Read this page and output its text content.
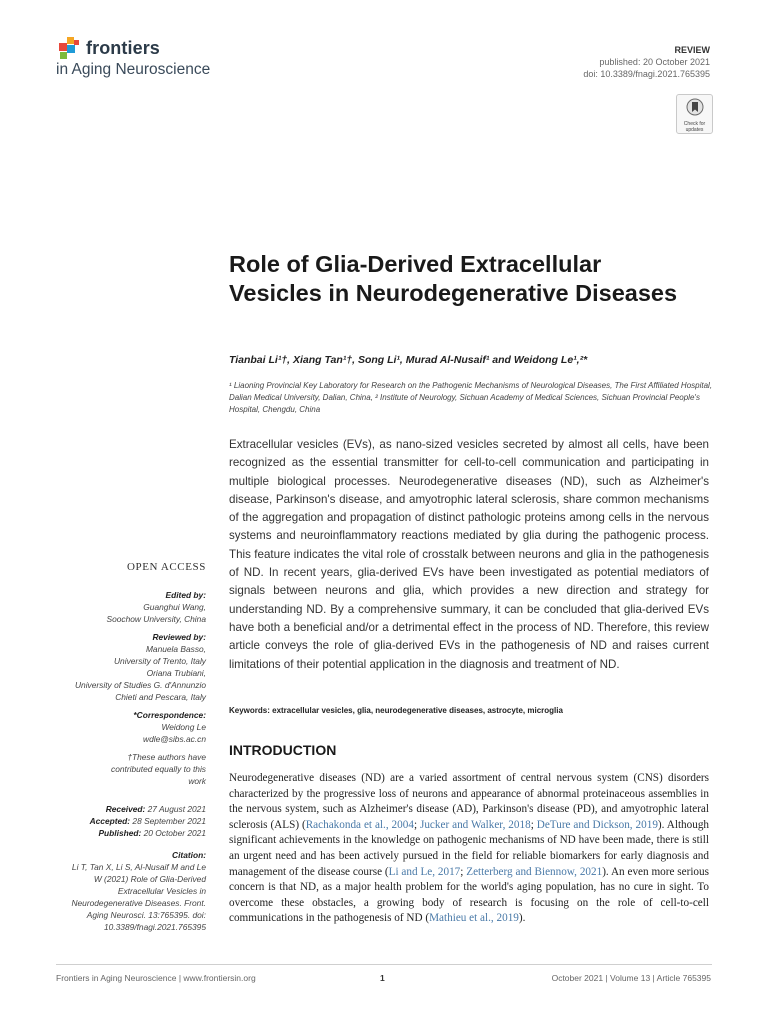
frontiers
in Aging Neuroscience
REVIEW
published: 20 October 2021
doi: 10.3389/fnagi.2021.765395
Check for updates
Role of Glia-Derived Extracellular Vesicles in Neurodegenerative Diseases
Tianbai Li¹†, Xiang Tan¹†, Song Li¹, Murad Al-Nusaif¹ and Weidong Le¹,²*
¹ Liaoning Provincial Key Laboratory for Research on the Pathogenic Mechanisms of Neurological Diseases, The First Affiliated Hospital, Dalian Medical University, Dalian, China, ² Institute of Neurology, Sichuan Academy of Medical Sciences, Sichuan Provincial People's Hospital, Chengdu, China
Extracellular vesicles (EVs), as nano-sized vesicles secreted by almost all cells, have been recognized as the essential transmitter for cell-to-cell communication and participating in multiple biological processes. Neurodegenerative diseases (ND), such as Alzheimer's disease, Parkinson's disease, and amyotrophic lateral sclerosis, share common mechanisms of the aggregation and propagation of distinct pathologic proteins among cells in the nervous systems and neuroinflammatory reactions mediated by glia during the pathogenic process. This feature indicates the vital role of crosstalk between neurons and glia in the pathogenesis of ND. In recent years, glia-derived EVs have been investigated as potential mediators of signals between neurons and glia, which provides a new direction and strategy for understanding ND. By a comprehensive summary, it can be concluded that glia-derived EVs have both a beneficial and/or a detrimental effect in the process of ND. Therefore, this review article conveys the role of glia-derived EVs in the pathogenesis of ND and raises current limitations of their potential application in the diagnosis and treatment of ND.
Keywords: extracellular vesicles, glia, neurodegenerative diseases, astrocyte, microglia
OPEN ACCESS
Edited by:
Guanghui Wang,
Soochow University, China
Reviewed by:
Manuela Basso,
University of Trento, Italy
Oriana Trubiani,
University of Studies G. d'Annunzio
Chieti and Pescara, Italy
*Correspondence:
Weidong Le
wdle@sibs.ac.cn
†These authors have contributed equally to this work
Received: 27 August 2021
Accepted: 28 September 2021
Published: 20 October 2021
Citation:
Li T, Tan X, Li S, Al-Nusaif M and Le W (2021) Role of Glia-Derived Extracellular Vesicles in Neurodegenerative Diseases. Front. Aging Neurosci. 13:765395. doi: 10.3389/fnagi.2021.765395
INTRODUCTION
Neurodegenerative diseases (ND) are a varied assortment of central nervous system (CNS) disorders characterized by the progressive loss of neurons and appearance of abnormal proteinaceous assemblies in the nervous system, such as Alzheimer's disease (AD), Parkinson's disease (PD), and amyotrophic lateral sclerosis (ALS) (Rachakonda et al., 2004; Jucker and Walker, 2018; DeTure and Dickson, 2019). Although significant achievements in the knowledge on pathogenic mechanisms of ND have been made, there is still an urgent need and has been actively pursued in the field for reliable biomarkers for early diagnosis and management of the disease course (Li and Le, 2017; Zetterberg and Biennow, 2021). An even more serious concern is that ND, as a major health problem for the world's aging population, has no cure in sight. To overcome these obstacles, a growing body of research is focusing on the role of cell-to-cell communications in the pathogenesis of ND (Mathieu et al., 2019).
Frontiers in Aging Neuroscience | www.frontiersin.org	1	October 2021 | Volume 13 | Article 765395
